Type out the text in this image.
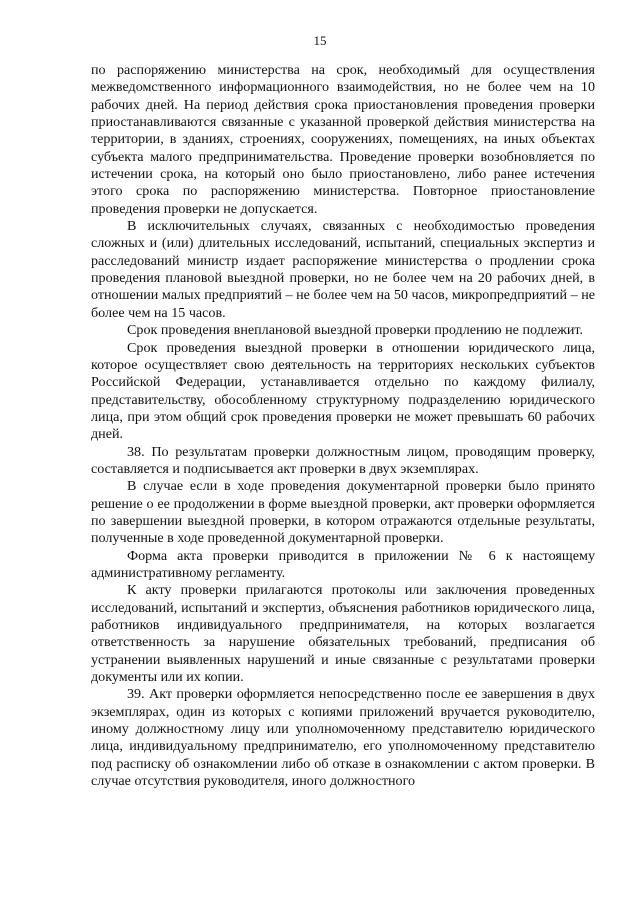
15

по распоряжению министерства на срок, необходимый для осуществления межведомственного информационного взаимодействия, но не более чем на 10 рабочих дней. На период действия срока приостановления проведения проверки приостанавливаются связанные с указанной проверкой действия министерства на территории, в зданиях, строениях, сооружениях, помещениях, на иных объектах субъекта малого предпринимательства. Проведение проверки возобновляется по истечении срока, на который оно было приостановлено, либо ранее истечения этого срока по распоряжению министерства. Повторное приостановление проведения проверки не допускается.

В исключительных случаях, связанных с необходимостью проведения сложных и (или) длительных исследований, испытаний, специальных экспертиз и расследований министр издает распоряжение министерства о продлении срока проведения плановой выездной проверки, но не более чем на 20 рабочих дней, в отношении малых предприятий – не более чем на 50 часов, микропредприятий – не более чем на 15 часов.

Срок проведения внеплановой выездной проверки продлению не подлежит.

Срок проведения выездной проверки в отношении юридического лица, которое осуществляет свою деятельность на территориях нескольких субъектов Российской Федерации, устанавливается отдельно по каждому филиалу, представительству, обособленному структурному подразделению юридического лица, при этом общий срок проведения проверки не может превышать 60 рабочих дней.

38. По результатам проверки должностным лицом, проводящим проверку, составляется и подписывается акт проверки в двух экземплярах.

В случае если в ходе проведения документарной проверки было принято решение о ее продолжении в форме выездной проверки, акт проверки оформляется по завершении выездной проверки, в котором отражаются отдельные результаты, полученные в ходе проведенной документарной проверки.

Форма акта проверки приводится в приложении № 6 к настоящему административному регламенту.

К акту проверки прилагаются протоколы или заключения проведенных исследований, испытаний и экспертиз, объяснения работников юридического лица, работников индивидуального предпринимателя, на которых возлагается ответственность за нарушение обязательных требований, предписания об устранении выявленных нарушений и иные связанные с результатами проверки документы или их копии.

39. Акт проверки оформляется непосредственно после ее завершения в двух экземплярах, один из которых с копиями приложений вручается руководителю, иному должностному лицу или уполномоченному представителю юридического лица, индивидуальному предпринимателю, его уполномоченному представителю под расписку об ознакомлении либо об отказе в ознакомлении с актом проверки. В случае отсутствия руководителя, иного должностного
